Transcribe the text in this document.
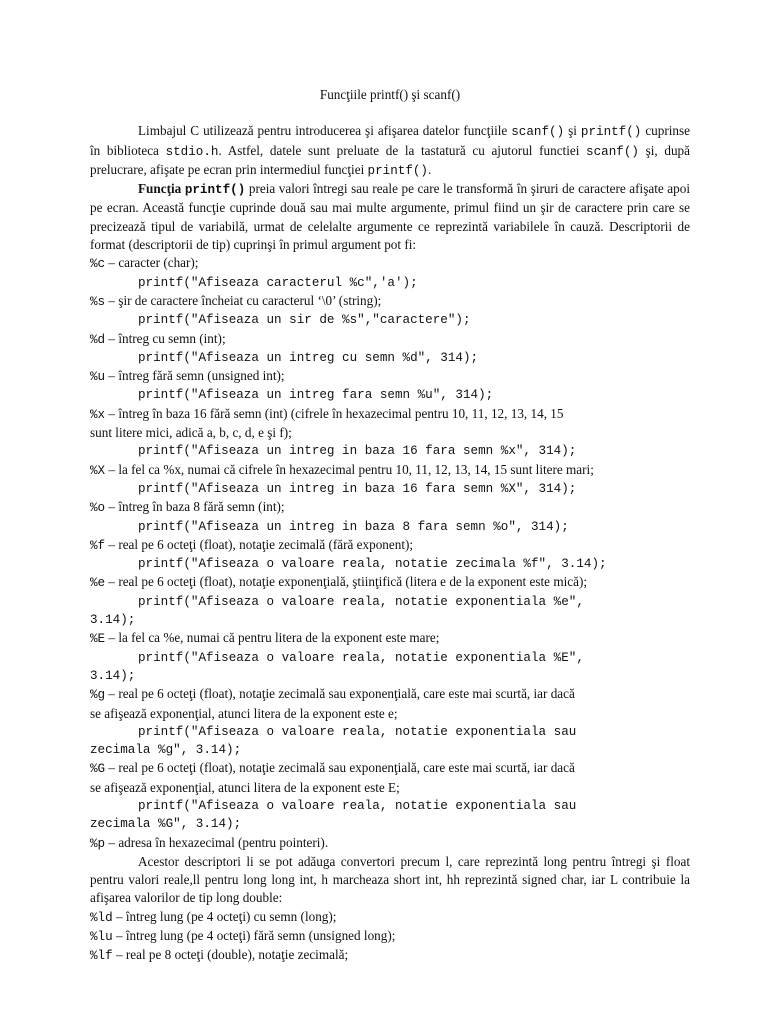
Funcţiile printf() şi scanf()
Limbajul C utilizează pentru introducerea şi afişarea datelor funcţiile scanf() şi printf() cuprinse în biblioteca stdio.h. Astfel, datele sunt preluate de la tastatură cu ajutorul functiei scanf() şi, după prelucrare, afişate pe ecran prin intermediul funcţiei printf().
Funcţia printf() preia valori întregi sau reale pe care le transformă în şiruri de caractere afişate apoi pe ecran. Această funcţie cuprinde două sau mai multe argumente, primul fiind un şir de caractere prin care se precizează tipul de variabilă, urmat de celelalte argumente ce reprezintă variabilele în cauză. Descriptorii de format (descriptorii de tip) cuprinşi în primul argument pot fi:
%c – caracter (char);
printf("Afiseaza caracterul %c",'a');
%s – şir de caractere încheiat cu caracterul ‘\0’ (string);
printf("Afiseaza un sir de %s","caractere");
%d – întreg cu semn (int);
printf("Afiseaza un intreg cu semn %d", 314);
%u – întreg fără semn (unsigned int);
printf("Afiseaza un intreg fara semn %u", 314);
%x – întreg în baza 16 fără semn (int) (cifrele în hexazecimal pentru 10, 11, 12, 13, 14, 15
sunt litere mici, adică a, b, c, d, e şi f);
printf("Afiseaza un intreg in baza 16 fara semn %x", 314);
%X – la fel ca %x, numai că cifrele în hexazecimal pentru 10, 11, 12, 13, 14, 15 sunt litere mari;
printf("Afiseaza un intreg in baza 16 fara semn %X", 314);
%o – întreg în baza 8 fără semn (int);
printf("Afiseaza un intreg in baza 8 fara semn %o", 314);
%f – real pe 6 octeţi (float), notaţie zecimală (fără exponent);
printf("Afiseaza o valoare reala, notatie zecimala %f", 3.14);
%e – real pe 6 octeţi (float), notaţie exponenţială, ştiinţifică (litera e de la exponent este mică);
printf("Afiseaza o valoare reala, notatie exponentiala %e",
3.14);
%E – la fel ca %e, numai că pentru litera de la exponent este mare;
printf("Afiseaza o valoare reala, notatie exponentiala %E",
3.14);
%g – real pe 6 octeţi (float), notaţie zecimală sau exponenţială, care este mai scurtă, iar dacă
se afişează exponenţial, atunci litera de la exponent este e;
printf("Afiseaza o valoare reala, notatie exponentiala sau
zecimala %g", 3.14);
%G – real pe 6 octeţi (float), notaţie zecimală sau exponenţială, care este mai scurtă, iar dacă
se afişează exponenţial, atunci litera de la exponent este E;
printf("Afiseaza o valoare reala, notatie exponentiala sau
zecimala %G", 3.14);
%p – adresa în hexazecimal (pentru pointeri).
Acestor descriptori li se pot adăuga convertori precum l, care reprezintă long pentru întregi şi float pentru valori reale,ll pentru long long int, h marcheaza short int, hh reprezintă signed char, iar L contribuie la afişarea valorilor de tip long double:
%ld – întreg lung (pe 4 octeţi) cu semn (long);
%lu – întreg lung (pe 4 octeţi) fără semn (unsigned long);
%lf – real pe 8 octeţi (double), notaţie zecimală;
